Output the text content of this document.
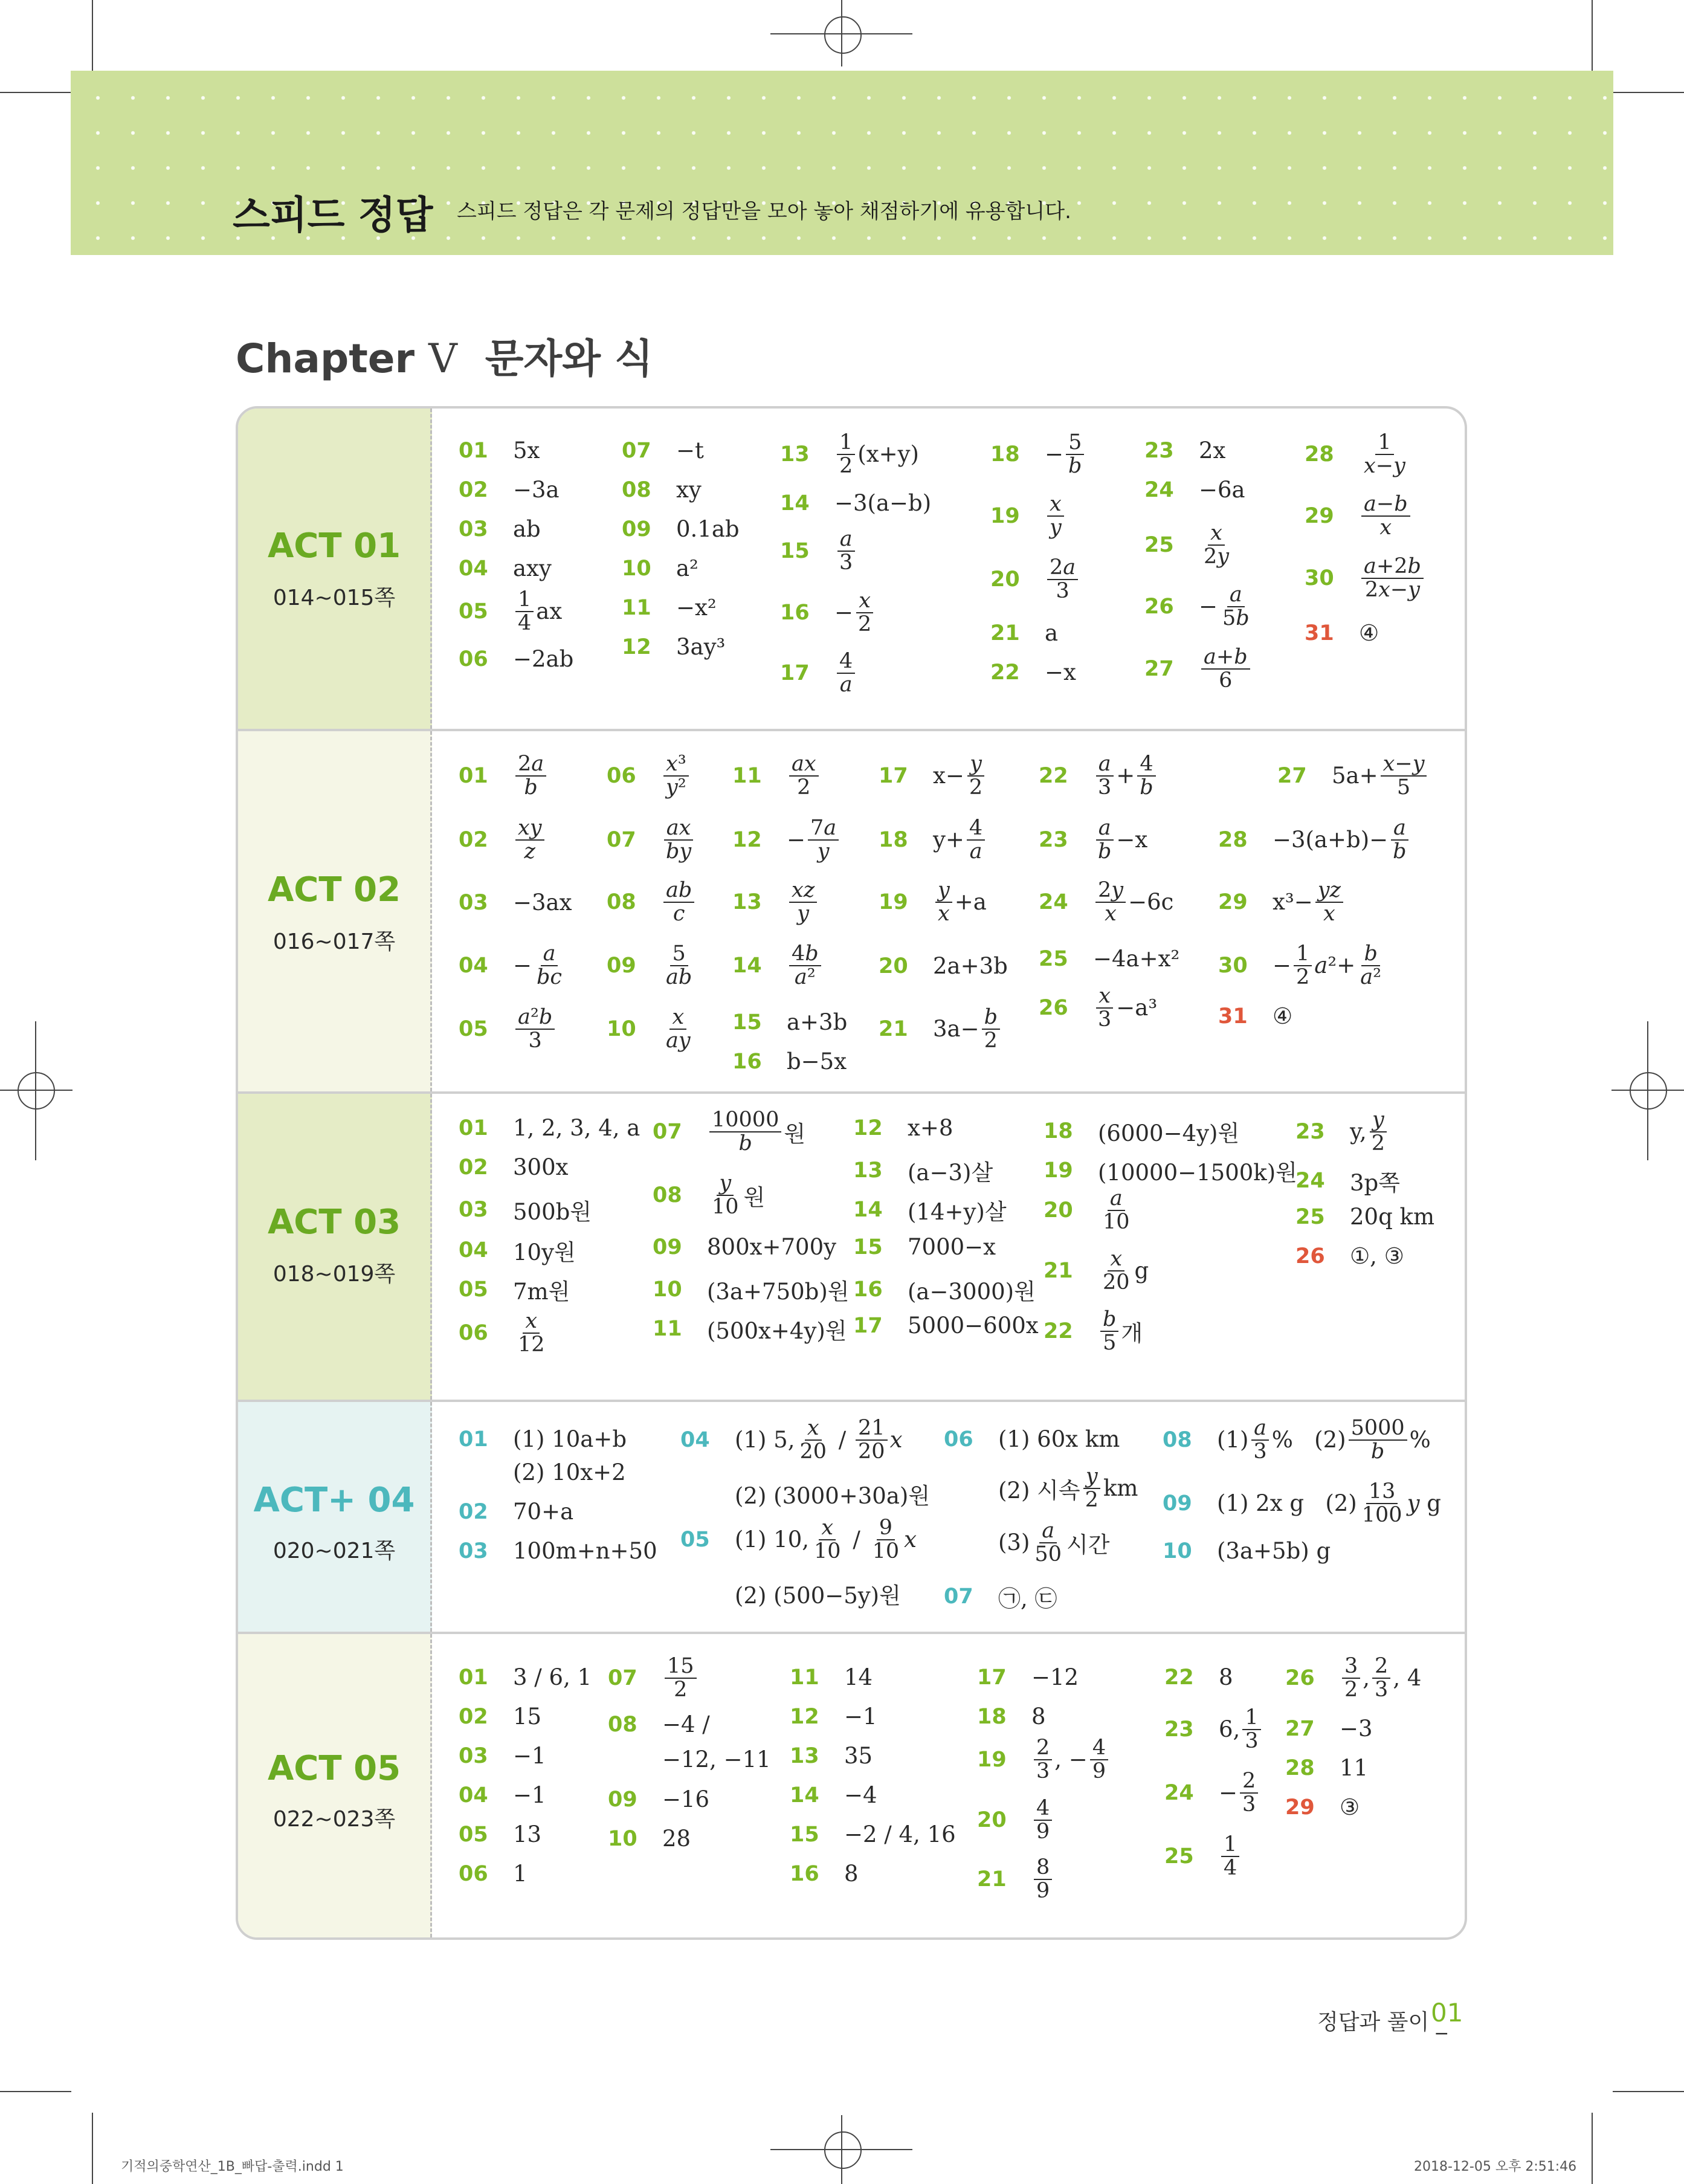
스피드 정답 스피드 정답은 각 문제의 정답만을 모아 놓아 채점하기에 유용합니다.
Chapter V 문자와 식
ACT 01
014~015쪽
01	5x
02	−3a
03	ab
04	axy
05	$\frac{1}{4}$ ax
06	−2ab
07	−t
08	xy
09	0.1ab
10	a²
11	−x²
12	3ay³
13	$\frac{1}{2} (x+y)$
14	−3(a−b)
15	$\frac{a}{3}$
16	− $\frac{x}{2}$
17	$\frac{4}{a}$
18	− $\frac{5}{b}$
19	$\frac{x}{y}$
20	$\frac{2a}{3}$
21	a
22	−x
23	2x
24	−6a
25	$\frac{x}{2y}$
26	− $\frac{a}{5b}$
27	$\frac{a+b}{6}$
28	$\frac{1}{x-y}$
29	$\frac{a-b}{x}$
30	$\frac{a+2b}{2x-y}$
31	④
ACT 02
016~017쪽
01	$\frac{2a}{b}$
02	$\frac{xy}{z}$
03	−3ax
04	− $\frac{a}{bc}$
05	$\frac{\text{a²b}}{3}$
06	$\frac{\text{x³}}{\text{y²}}$
07	$\frac{ax}{by}$
08	$\frac{ab}{c}$
09	$\frac{5}{ab}$
10	$\frac{x}{ay}$
11	$\frac{ax}{2}$
12	− $\frac{7a}{y}$
13	$\frac{xz}{y}$
14	$\frac{4b}{\text{a²}}$
15	a+3b
16	b−5x
17	$x- \frac{y}{2}$
18	$y+ \frac{4}{a}$
19	$\frac{y}{x} +a$
20	2a+3b
21	$3a- \frac{b}{2}$
27	$5a+ \frac{x-y}{5}$
22	$\frac{a}{3} + \frac{4}{b}$
23	$\frac{a}{b} -x$
24	$\frac{2y}{x} -6c$
25	−4a+x²
26	$\frac{x}{3} -a^3$
28	$-3(a+b)- \frac{a}{b}$
29	$x^3- \frac{yz}{x}$
30	− $\frac{1}{2} a^2+ \frac{b}{\text{a²}}$
31	④
ACT 03
018~019쪽
01	1, 2, 3, 4, a
02	300x
03	500b원
04	10y원
05	7m원
06	$\frac{x}{12}$
07	$\frac{10000}{b}$ 원
08	$\frac{y}{10}$ 원
09	800x+700y
10	(3a+750b)원
11	(500x+4y)원
12	x+8
13	(a−3)살
14	(14+y)살
15	7000−x
16	(a−3000)원
17	5000−600x
18	(6000−4y)원
19	(10000−1500k)원
20	$\frac{a}{10}$
21	$\frac{x}{20}$ g
22	$\frac{b}{5}$ 개
23	y, $\frac{y}{2}$
24	3p쪽
25	20q km
26	①, ③
ACT+ 04
020~021쪽
01	(1) 10a+b
(2) 10x+2
02	70+a
03	100m+n+50
04	(1) 5, $\frac{x}{20} / \frac{21}{20}$ x
(2) (3000+30a)원
05	(1) 10, $\frac{x}{10} / \frac{9}{10}$ x
(2) (500−5y)원
06	(1) 60x km
(2) 시속 $\frac{y}{2}$ km
$(3) \frac{a}{50}$ 시간
07	㉠, ㉢
08	$(1) \frac{a}{3}$ % $(2) \frac{5000}{b}$ %
09	(1) 2x g
$(2) \frac{13}{100}$ y g
10	(3a+5b) g
ACT 05
022~023쪽
01	3 / 6, 1
02	15
03	−1
04	−1
05	13
06	1
07	$\frac{15}{2}$
08	−4 /
−12, −11
09	−16
10	28
11	14
12	−1
13	35
14	−4
15	−2 / 4, 16
16	8
17	−12
18	8
19	$\frac{2}{3}$ , − $\frac{4}{9}$
20	$\frac{4}{9}$
21	$\frac{8}{9}$
22	8
23	6, $\frac{1}{3}$
24	− $\frac{2}{3}$
25	$\frac{1}{4}$
26	$\frac{3}{2}$ , $\frac{2}{3}$ , 4
27	−3
28	11
29	③
정답과 풀이 _
01
기적의중학연산_1B_빠답-출력.indd 1	2018-12-05 오후 2:51:46
